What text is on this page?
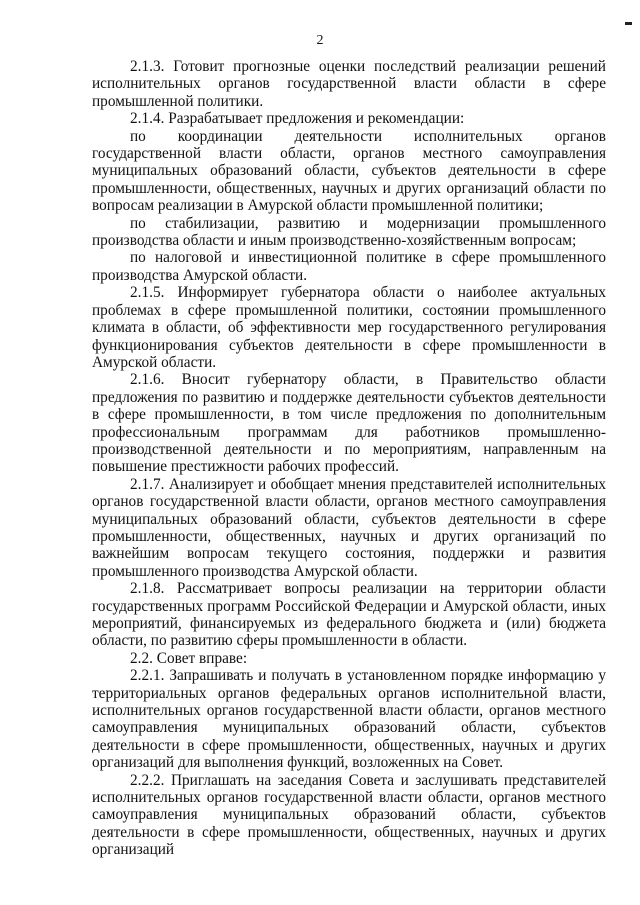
2

2.1.3. Готовит прогнозные оценки последствий реализации решений исполнительных органов государственной власти области в сфере промышленной политики.

2.1.4. Разрабатывает предложения и рекомендации:

по координации деятельности исполнительных органов государственной власти области, органов местного самоуправления муниципальных образований области, субъектов деятельности в сфере промышленности, общественных, научных и других организаций области по вопросам реализации в Амурской области промышленной политики;

по стабилизации, развитию и модернизации промышленного производства области и иным производственно-хозяйственным вопросам;

по налоговой и инвестиционной политике в сфере промышленного производства Амурской области.

2.1.5. Информирует губернатора области о наиболее актуальных проблемах в сфере промышленной политики, состоянии промышленного климата в области, об эффективности мер государственного регулирования функционирования субъектов деятельности в сфере промышленности в Амурской области.

2.1.6. Вносит губернатору области, в Правительство области предложения по развитию и поддержке деятельности субъектов деятельности в сфере промышленности, в том числе предложения по дополнительным профессиональным программам для работников промышленно-производственной деятельности и по мероприятиям, направленным на повышение престижности рабочих профессий.

2.1.7. Анализирует и обобщает мнения представителей исполнительных органов государственной власти области, органов местного самоуправления муниципальных образований области, субъектов деятельности в сфере промышленности, общественных, научных и других организаций по важнейшим вопросам текущего состояния, поддержки и развития промышленного производства Амурской области.

2.1.8. Рассматривает вопросы реализации на территории области государственных программ Российской Федерации и Амурской области, иных мероприятий, финансируемых из федерального бюджета и (или) бюджета области, по развитию сферы промышленности в области.

2.2. Совет вправе:

2.2.1. Запрашивать и получать в установленном порядке информацию у территориальных органов федеральных органов исполнительной власти, исполнительных органов государственной власти области, органов местного самоуправления муниципальных образований области, субъектов деятельности в сфере промышленности, общественных, научных и других организаций для выполнения функций, возложенных на Совет.

2.2.2. Приглашать на заседания Совета и заслушивать представителей исполнительных органов государственной власти области, органов местного самоуправления муниципальных образований области, субъектов деятельности в сфере промышленности, общественных, научных и других организаций
